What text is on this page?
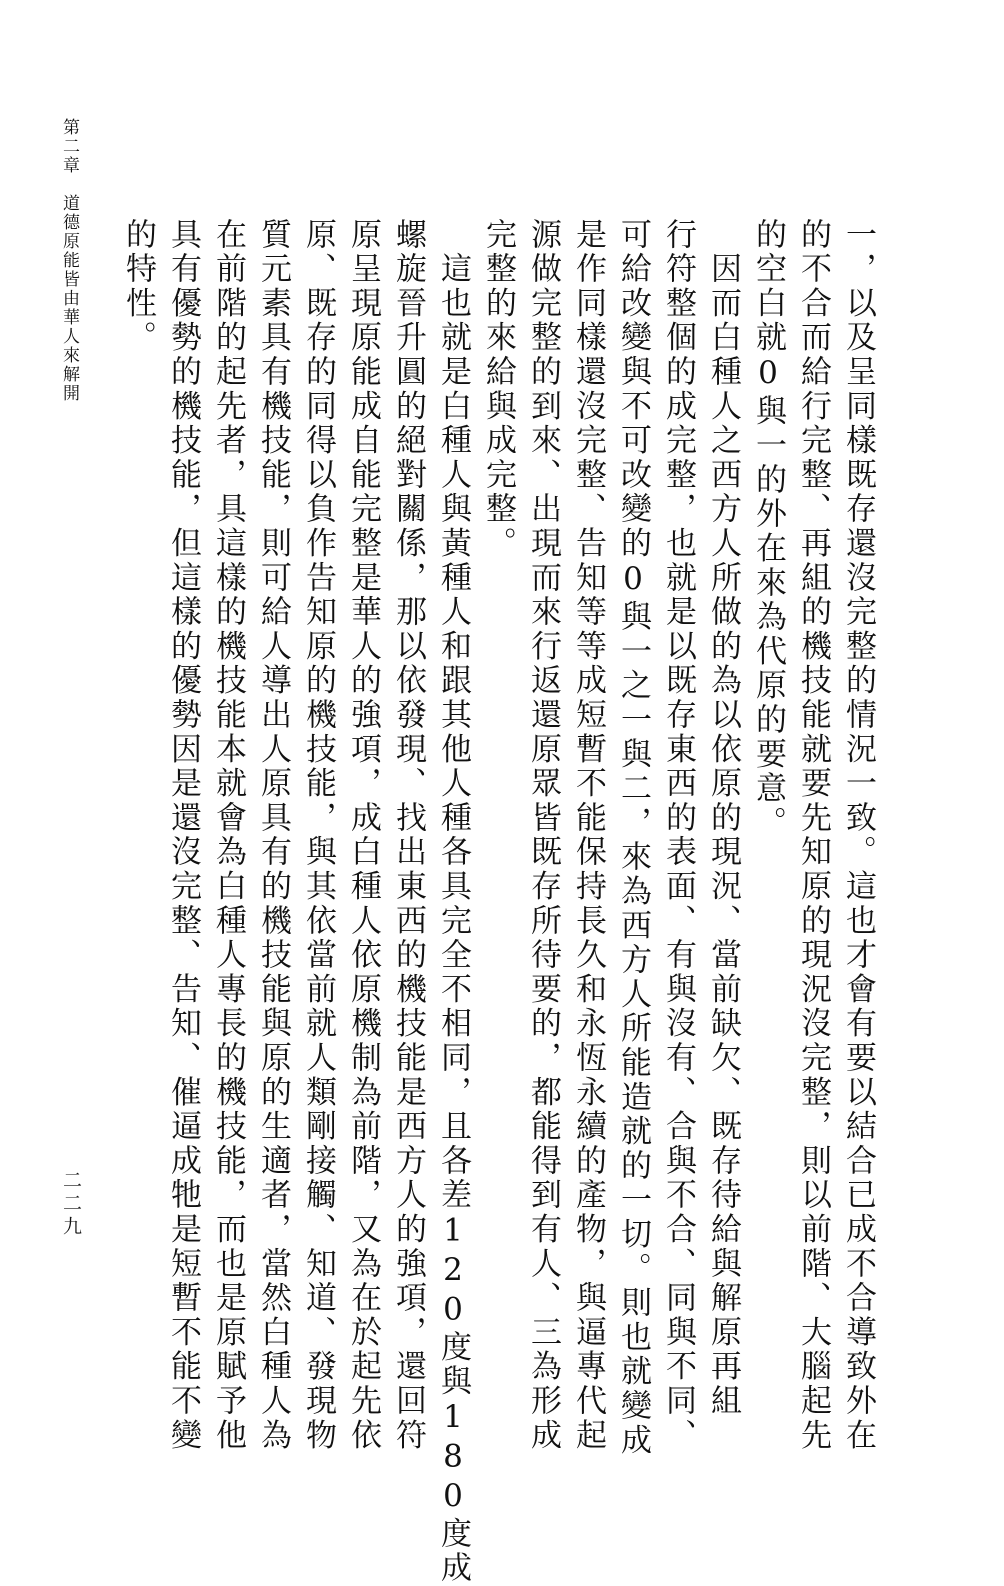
第二章　道德原能皆由華人來解開
二二九	一，以及呈同樣既存還沒完整的情況一致。這也才會有要以結合已成不合導致外在
的不合而給行完整、再組的機技能就要先知原的現況沒完整，則以前階、大腦起先
的空白就0與一的外在來為代原的要意。
　因而白種人之西方人所做的為以依原的現況、當前缺欠、既存待給與解原再組
行符整個的成完整，也就是以既存東西的表面、有與沒有、合與不合、同與不同、
可給改變與不可改變的0與一之一與二，來為西方人所能造就的一切。則也就變成
是作同樣還沒完整、告知等等成短暫不能保持長久和永恆永續的產物，與逼專代起
源做完整的到來、出現而來行返還原眾皆既存所待要的，都能得到有人、三為形成
完整的來給與成完整。
　這也就是白種人與黃種人和跟其他人種各具完全不相同，且各差120度與180度成
螺旋晉升圓的絕對關係，那以依發現、找出東西的機技能是西方人的強項，還回符
原呈現原能成自能完整是華人的強項，成白種人依原機制為前階，又為在於起先依
原、既存的同得以負作告知原的機技能，與其依當前就人類剛接觸、知道、發現物
質元素具有機技能，則可給人導出人原具有的機技能與原的生適者，當然白種人為
在前階的起先者，具這樣的機技能本就會為白種人專長的機技能，而也是原賦予他
具有優勢的機技能，但這樣的優勢因是還沒完整、告知、催逼成牠是短暫不能不變
的特性。
